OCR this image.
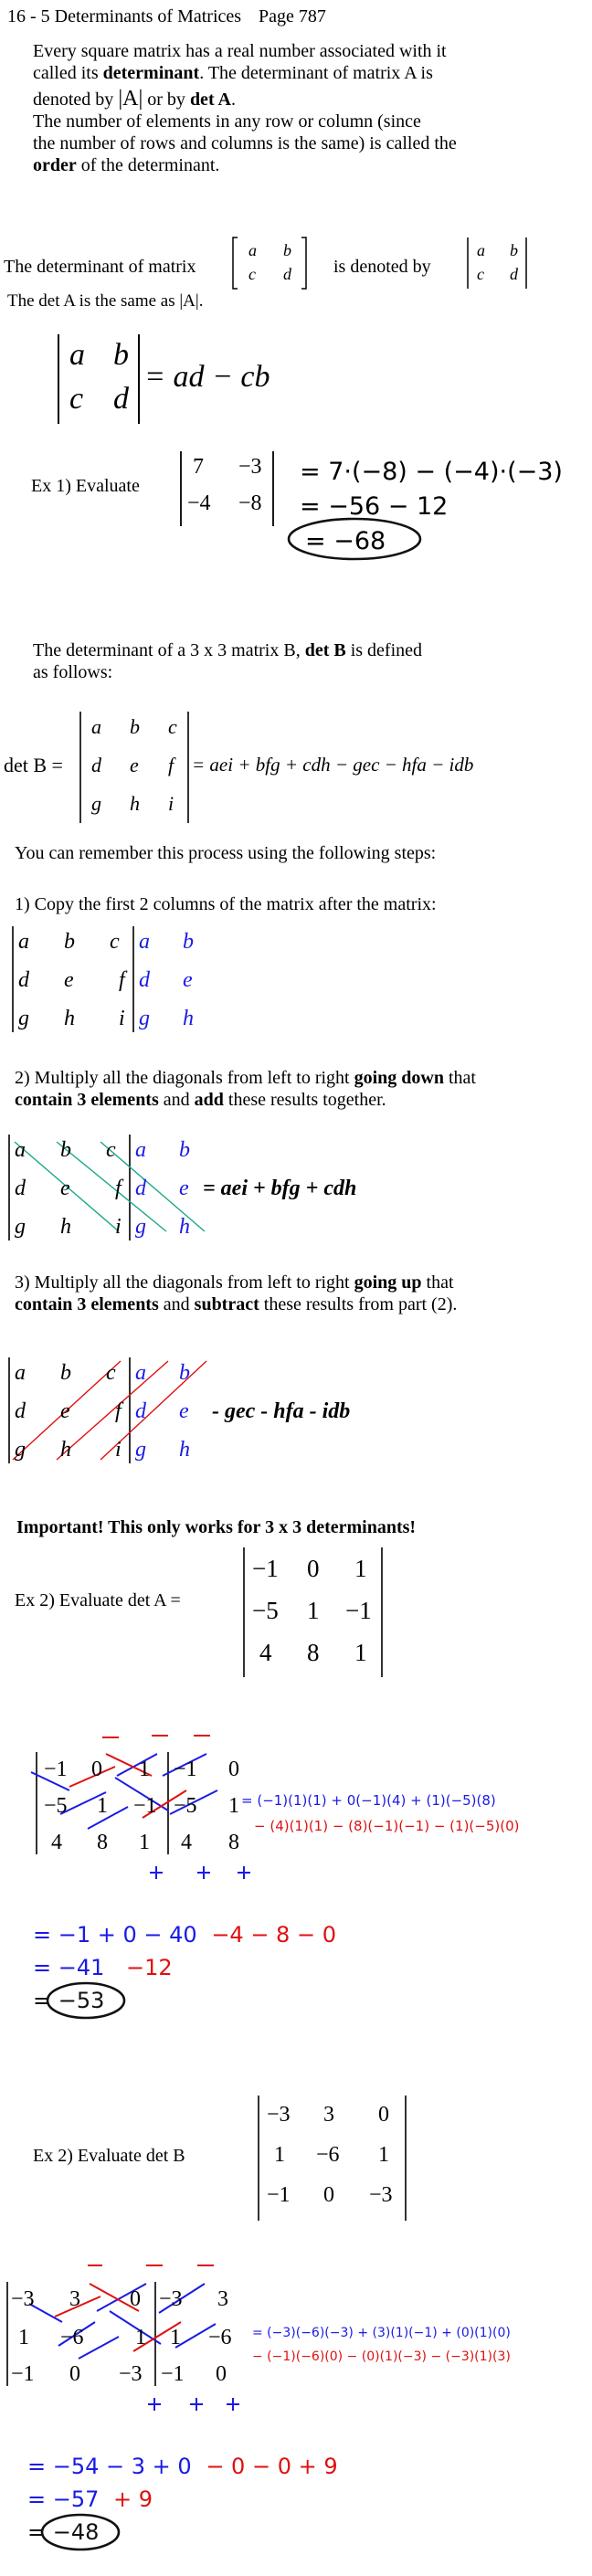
16 - 5 Determinants of Matrices Page 787
Every square matrix has a real number associated with it
called its determinant. The determinant of matrix A is
denoted by |A| or by det A.
The number of elements in any row or column (since
the number of rows and columns is the same) is called the
order of the determinant.
The determinant of matrix
a b
c d is denoted by
a b
c d
The det A is the same as |A|.
a b
c d
= ad − cb
Ex 1) Evaluate
7 −3
−4 −8
= 7·(−8) − (−4)·(−3)
= −56 − 12
= −68
The determinant of a 3 x 3 matrix B, det B is defined
as follows:
det B =
a b c
d e f
g h i
= aei + bfg + cdh − gec − hfa − idb
You can remember this process using the following steps:
1) Copy the first 2 columns of the matrix after the matrix:
a b c
d e f
g h i
a b
d e
g h
2) Multiply all the diagonals from left to right going down that
contain 3 elements and add these results together.
a b c
d e f
g h i
a b
d e
g h
= aei + bfg + cdh
3) Multiply all the diagonals from left to right going up that
contain 3 elements and subtract these results from part (2).
a b c
d e f
g h i
a b
d e
g h
- gec - hfa - idb
Important! This only works for 3 x 3 determinants!
Ex 2) Evaluate det A =
−1 0 1
−5 1 −1
4 8 1
−1 0 1
−5 1 −1
4 8 1
−1 0
−5 1
4 8
= (−1)(1)(1) + 0(−1)(4) + (1)(−5)(8)
− (4)(1)(1) − (8)(−1)(−1) − (1)(−5)(0)
= −1 + 0 − 40 −4 − 8 − 0
= −41 −12
= −53
Ex 2) Evaluate det B
−3 3 0
1 −6 1
−1 0 −3
−3 3 0
1 −6 1
−1 0 −3
−3 3
1 −6
−1 0
= (−3)(−6)(−3) + (3)(1)(−1) + (0)(1)(0)
− (−1)(−6)(0) − (0)(1)(−3) − (−3)(1)(3)
= −54 − 3 + 0 − 0 − 0 + 9
= −57 + 9
= −48
